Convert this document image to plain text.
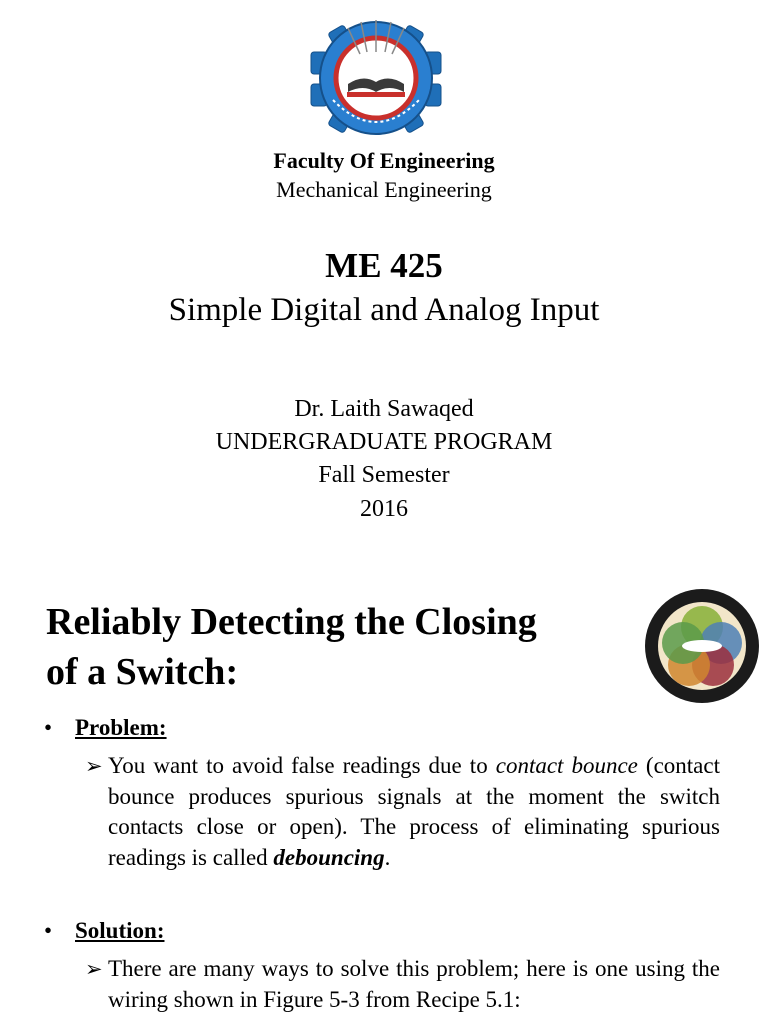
Faculty Of Engineering
Mechanical Engineering
ME 425
Simple Digital and Analog Input
Dr. Laith Sawaqed
UNDERGRADUATE PROGRAM
Fall Semester
2016
Reliably Detecting the Closing
of a Switch:
• Problem:
➢ You want to avoid false readings due to contact bounce (contact bounce produces spurious signals at the moment the switch contacts close or open). The process of eliminating spurious readings is called debouncing.
• Solution:
➢ There are many ways to solve this problem; here is one using the wiring shown in Figure 5-3 from Recipe 5.1:
